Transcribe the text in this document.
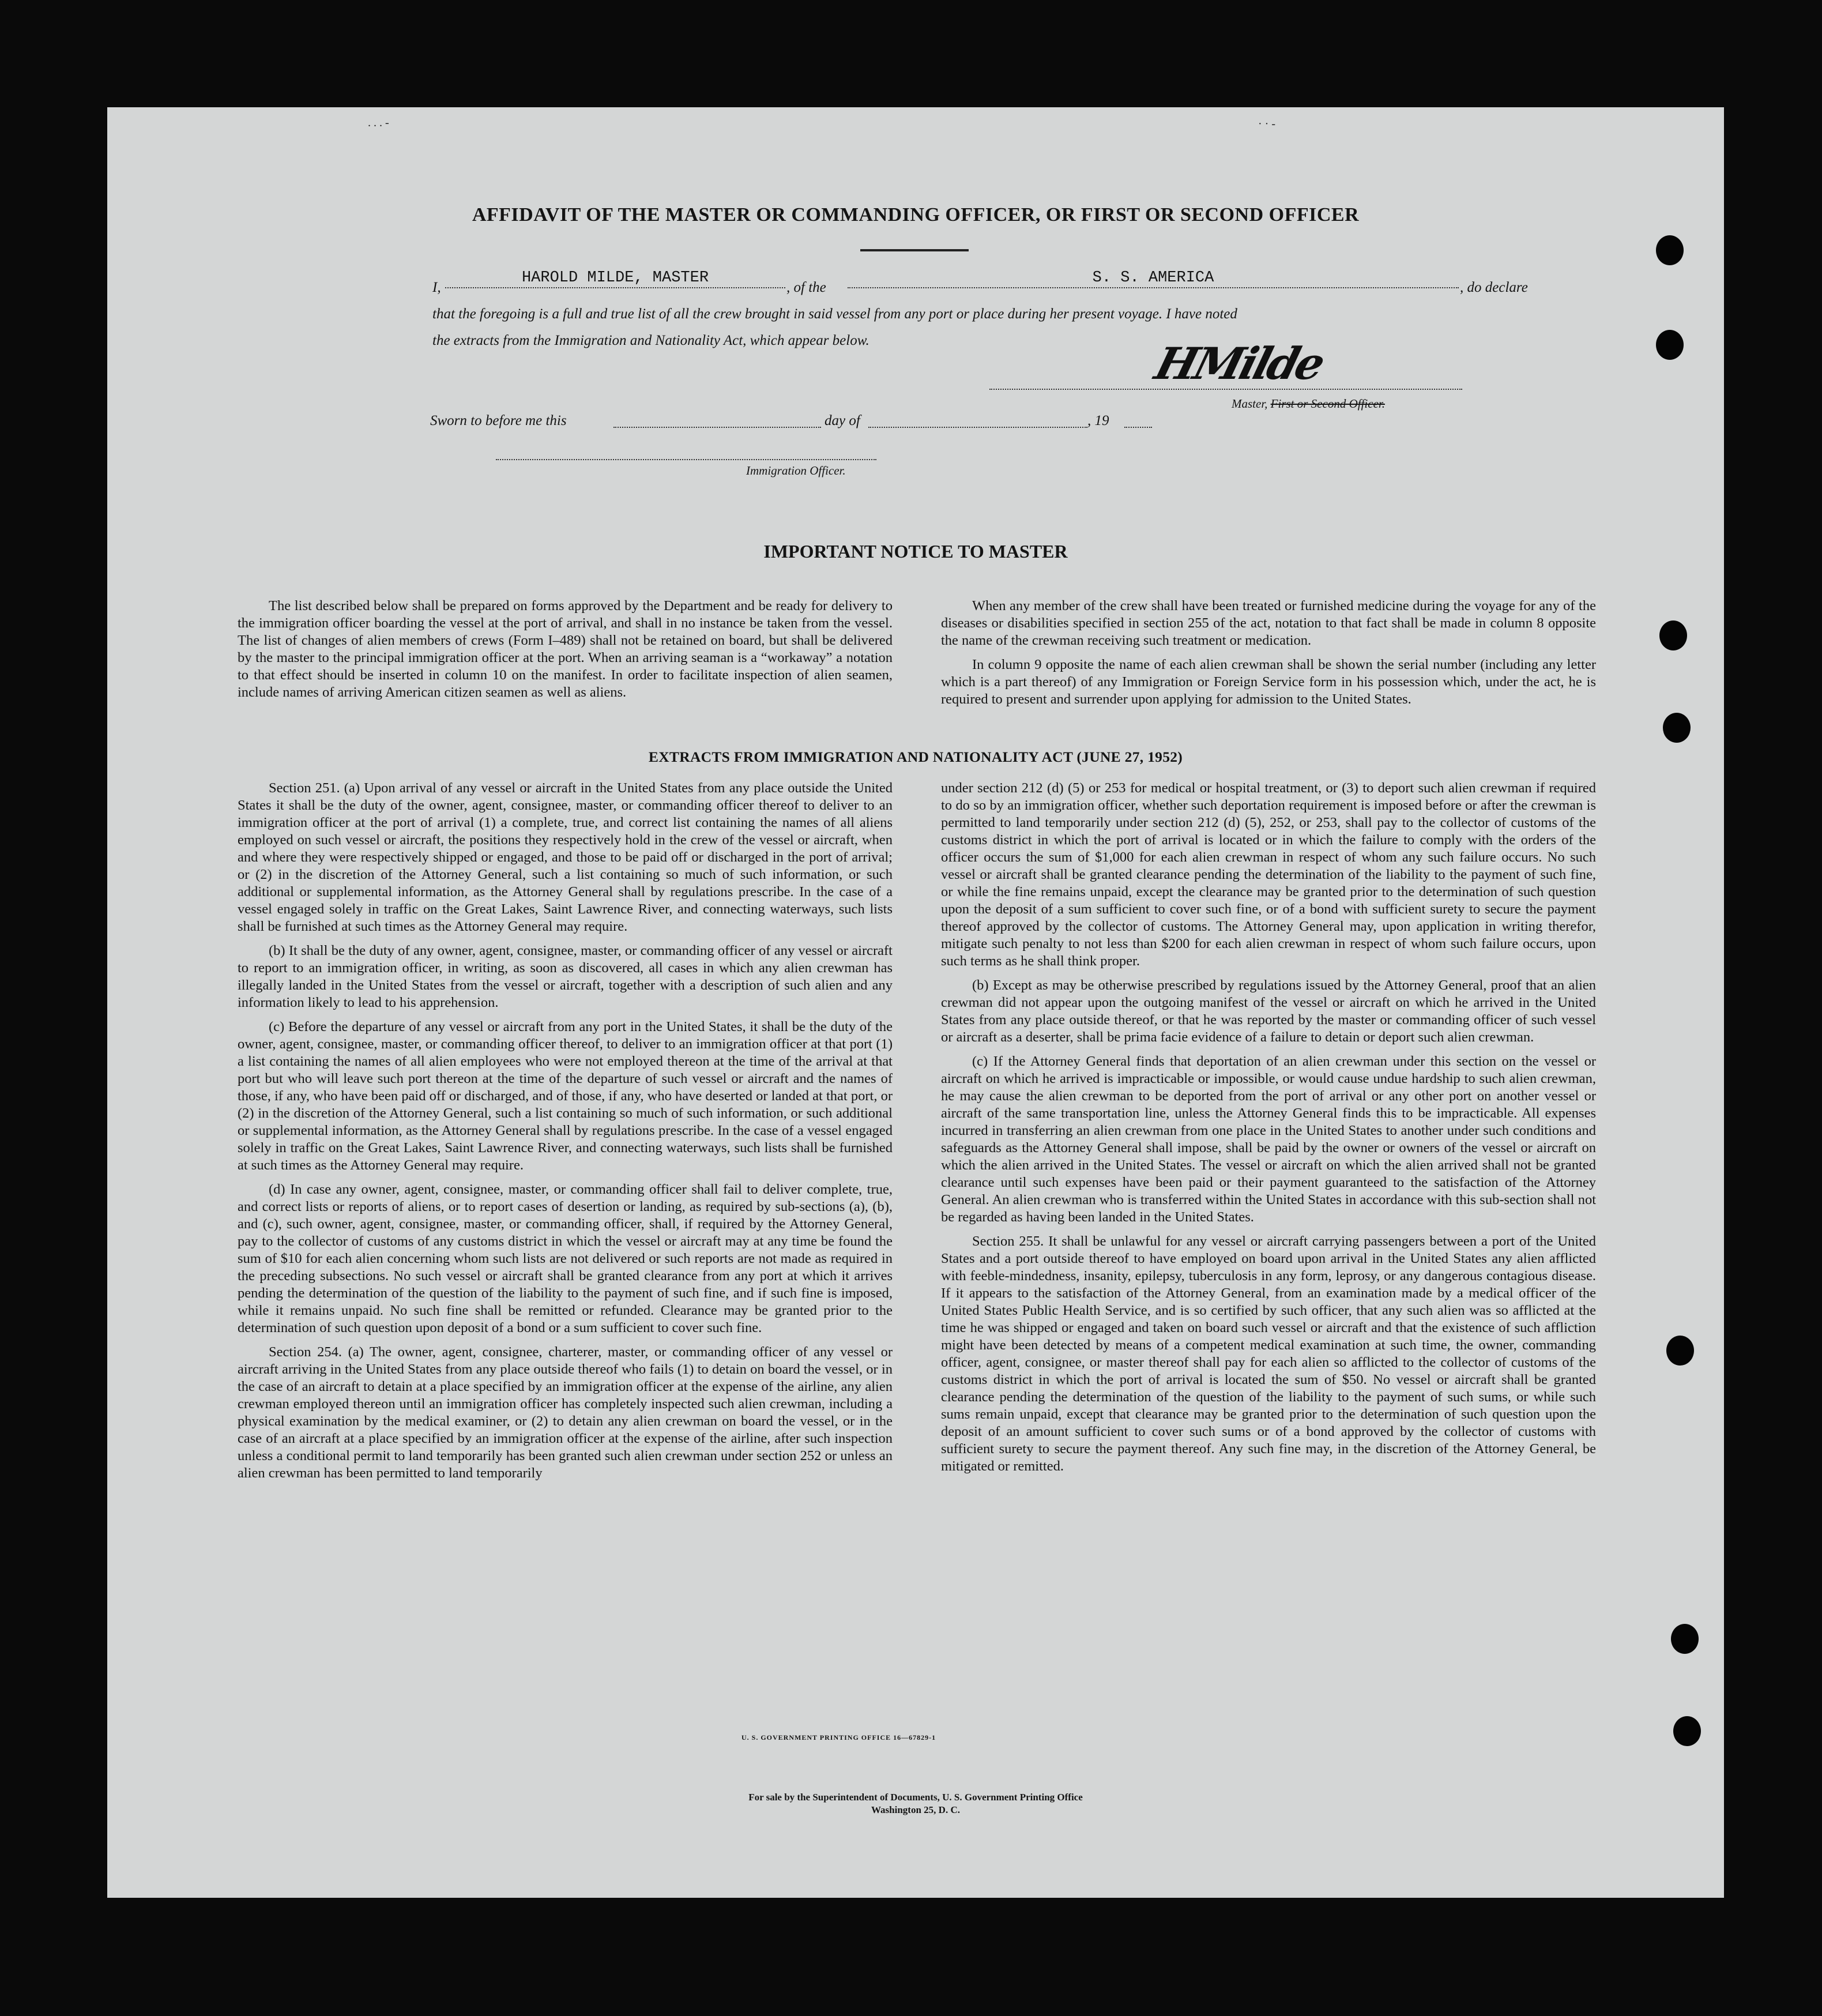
. . . -	· · -
AFFIDAVIT OF THE MASTER OR COMMANDING OFFICER, OR FIRST OR SECOND OFFICER
I,
HAROLD MILDE, MASTER
, of the
S. S. AMERICA
, do declare
that the foregoing is a full and true list of all the crew brought in said vessel from any port or place during her present voyage. I have noted
the extracts from the Immigration and Nationality Act, which appear below.	HMilde
Master, First or Second Officer.
Sworn to before me this	day of	, 19
Immigration Officer.
IMPORTANT NOTICE TO MASTER

The list described below shall be prepared on forms approved by the Department and be ready for delivery to the immigration officer boarding the vessel at the port of arrival, and shall in no instance be taken from the vessel. The list of changes of alien members of crews (Form I–489) shall not be retained on board, but shall be delivered by the master to the principal immigration officer at the port. When an arriving seaman is a “workaway” a notation to that effect should be inserted in column 10 on the manifest. In order to facilitate inspection of alien seamen, include names of arriving American citizen seamen as well as aliens.

When any member of the crew shall have been treated or furnished medicine during the voyage for any of the diseases or disabilities specified in section 255 of the act, notation to that fact shall be made in column 8 opposite the name of the crewman receiving such treatment or medication.

In column 9 opposite the name of each alien crewman shall be shown the serial number (including any letter which is a part thereof) of any Immigration or Foreign Service form in his possession which, under the act, he is required to present and surrender upon applying for admission to the United States.

EXTRACTS FROM IMMIGRATION AND NATIONALITY ACT (JUNE 27, 1952)

Section 251. (a) Upon arrival of any vessel or aircraft in the United States from any place outside the United States it shall be the duty of the owner, agent, consignee, master, or commanding officer thereof to deliver to an immigration officer at the port of arrival (1) a complete, true, and correct list containing the names of all aliens employed on such vessel or aircraft, the positions they respectively hold in the crew of the vessel or aircraft, when and where they were respectively shipped or engaged, and those to be paid off or discharged in the port of arrival; or (2) in the discretion of the Attorney General, such a list containing so much of such information, or such additional or supplemental information, as the Attorney General shall by regulations prescribe. In the case of a vessel engaged solely in traffic on the Great Lakes, Saint Lawrence River, and connecting waterways, such lists shall be furnished at such times as the Attorney General may require.

(b) It shall be the duty of any owner, agent, consignee, master, or commanding officer of any vessel or aircraft to report to an immigration officer, in writing, as soon as discovered, all cases in which any alien crewman has illegally landed in the United States from the vessel or aircraft, together with a description of such alien and any information likely to lead to his apprehension.

(c) Before the departure of any vessel or aircraft from any port in the United States, it shall be the duty of the owner, agent, consignee, master, or commanding officer thereof, to deliver to an immigration officer at that port (1) a list containing the names of all alien employees who were not employed thereon at the time of the arrival at that port but who will leave such port thereon at the time of the departure of such vessel or aircraft and the names of those, if any, who have been paid off or discharged, and of those, if any, who have deserted or landed at that port, or (2) in the discretion of the Attorney General, such a list containing so much of such information, or such additional or supplemental information, as the Attorney General shall by regulations prescribe. In the case of a vessel engaged solely in traffic on the Great Lakes, Saint Lawrence River, and connecting waterways, such lists shall be furnished at such times as the Attorney General may require.

(d) In case any owner, agent, consignee, master, or commanding officer shall fail to deliver complete, true, and correct lists or reports of aliens, or to report cases of desertion or landing, as required by sub-sections (a), (b), and (c), such owner, agent, consignee, master, or commanding officer, shall, if required by the Attorney General, pay to the collector of customs of any customs district in which the vessel or aircraft may at any time be found the sum of $10 for each alien concerning whom such lists are not delivered or such reports are not made as required in the preceding subsections. No such vessel or aircraft shall be granted clearance from any port at which it arrives pending the determination of the question of the liability to the payment of such fine, and if such fine is imposed, while it remains unpaid. No such fine shall be remitted or refunded. Clearance may be granted prior to the determination of such question upon deposit of a bond or a sum sufficient to cover such fine.

Section 254. (a) The owner, agent, consignee, charterer, master, or commanding officer of any vessel or aircraft arriving in the United States from any place outside thereof who fails (1) to detain on board the vessel, or in the case of an aircraft to detain at a place specified by an immigration officer at the expense of the airline, any alien crewman employed thereon until an immigration officer has completely inspected such alien crewman, including a physical examination by the medical examiner, or (2) to detain any alien crewman on board the vessel, or in the case of an aircraft at a place specified by an immigration officer at the expense of the airline, after such inspection unless a conditional permit to land temporarily has been granted such alien crewman under section 252 or unless an alien crewman has been permitted to land temporarily

under section 212 (d) (5) or 253 for medical or hospital treatment, or (3) to deport such alien crewman if required to do so by an immigration officer, whether such deportation requirement is imposed before or after the crewman is permitted to land temporarily under section 212 (d) (5), 252, or 253, shall pay to the collector of customs of the customs district in which the port of arrival is located or in which the failure to comply with the orders of the officer occurs the sum of $1,000 for each alien crewman in respect of whom any such failure occurs. No such vessel or aircraft shall be granted clearance pending the determination of the liability to the payment of such fine, or while the fine remains unpaid, except the clearance may be granted prior to the determination of such question upon the deposit of a sum sufficient to cover such fine, or of a bond with sufficient surety to secure the payment thereof approved by the collector of customs. The Attorney General may, upon application in writing therefor, mitigate such penalty to not less than $200 for each alien crewman in respect of whom such failure occurs, upon such terms as he shall think proper.

(b) Except as may be otherwise prescribed by regulations issued by the Attorney General, proof that an alien crewman did not appear upon the outgoing manifest of the vessel or aircraft on which he arrived in the United States from any place outside thereof, or that he was reported by the master or commanding officer of such vessel or aircraft as a deserter, shall be prima facie evidence of a failure to detain or deport such alien crewman.

(c) If the Attorney General finds that deportation of an alien crewman under this section on the vessel or aircraft on which he arrived is impracticable or impossible, or would cause undue hardship to such alien crewman, he may cause the alien crewman to be deported from the port of arrival or any other port on another vessel or aircraft of the same transportation line, unless the Attorney General finds this to be impracticable. All expenses incurred in transferring an alien crewman from one place in the United States to another under such conditions and safeguards as the Attorney General shall impose, shall be paid by the owner or owners of the vessel or aircraft on which the alien arrived in the United States. The vessel or aircraft on which the alien arrived shall not be granted clearance until such expenses have been paid or their payment guaranteed to the satisfaction of the Attorney General. An alien crewman who is transferred within the United States in accordance with this sub-section shall not be regarded as having been landed in the United States.

Section 255. It shall be unlawful for any vessel or aircraft carrying passengers between a port of the United States and a port outside thereof to have employed on board upon arrival in the United States any alien afflicted with feeble-mindedness, insanity, epilepsy, tuberculosis in any form, leprosy, or any dangerous contagious disease. If it appears to the satisfaction of the Attorney General, from an examination made by a medical officer of the United States Public Health Service, and is so certified by such officer, that any such alien was so afflicted at the time he was shipped or engaged and taken on board such vessel or aircraft and that the existence of such affliction might have been detected by means of a competent medical examination at such time, the owner, commanding officer, agent, consignee, or master thereof shall pay for each alien so afflicted to the collector of customs of the customs district in which the port of arrival is located the sum of $50. No vessel or aircraft shall be granted clearance pending the determination of the question of the liability to the payment of such sums, or while such sums remain unpaid, except that clearance may be granted prior to the determination of such question upon the deposit of an amount sufficient to cover such sums or of a bond approved by the collector of customs with sufficient surety to secure the payment thereof. Any such fine may, in the discretion of the Attorney General, be mitigated or remitted.

U. S. GOVERNMENT PRINTING OFFICE 16—67829-1
For sale by the Superintendent of Documents, U. S. Government Printing Office
Washington 25, D. C.
